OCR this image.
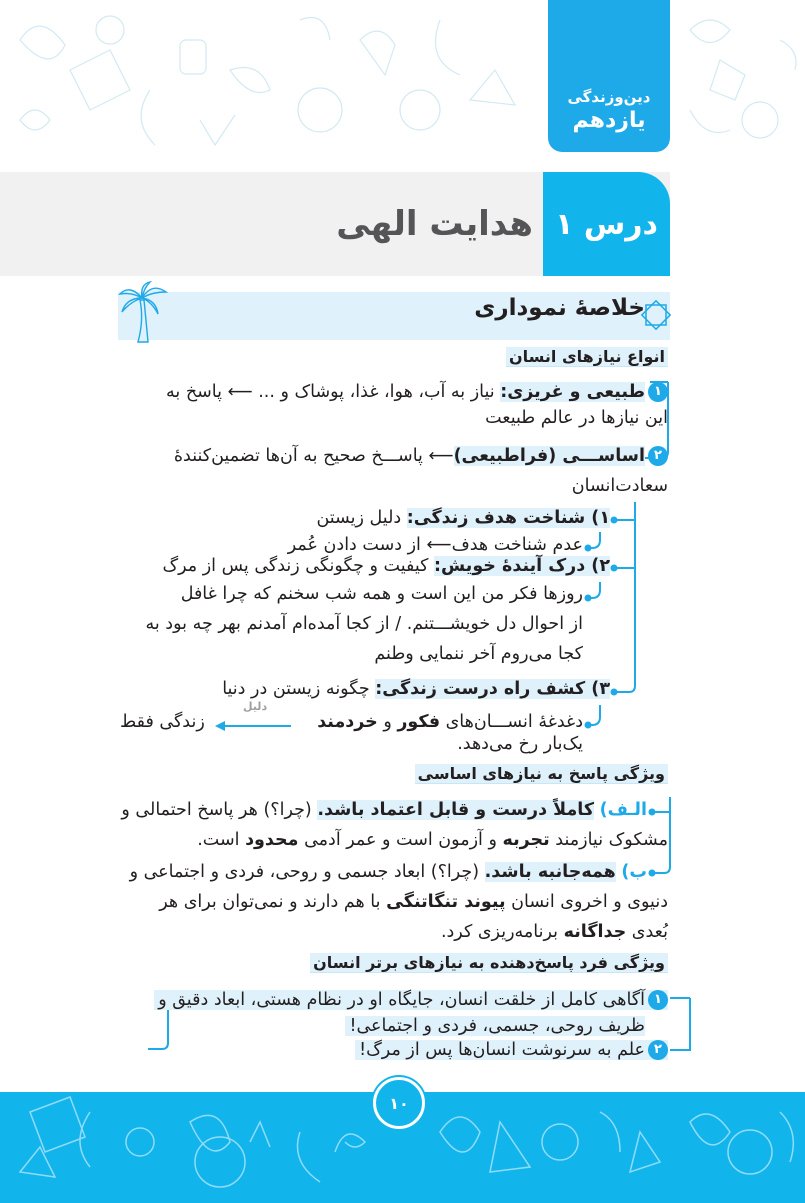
دین‌وزندگی
یازدهم
درس ۱
هدایت الهی
خلاصهٔ نموداری
انواع نیازهای انسان
۱طبیعی و غریزی: نیاز به آب، هوا، غذا، پوشاک و ... ⟵ پاسخ به
این نیازها در عالم طبیعت
۲اساســـی (فراطبیعی)⟵ پاســـخ صحیح به آن‌ها تضمین‌کنندهٔ
سعادت‌انسان
۱) شناخت هدف زندگی: دلیل زیستن
عدم شناخت هدف⟵ از دست دادن عُمر
۲) درک آیندهٔ خویش: کیفیت و چگونگی زندگی پس از مرگ
روزها فکر من این است و همه شب سخنم که چرا غافل
از احوال دل خویشـــتنم. / از کجا آمده‌ام آمدنم بهر چه بود به
کجا می‌روم آخر ننمایی وطنم
۳) کشف راه درست زندگی: چگونه زیستن در دنیا
دغدغهٔ انســـان‌های فکور و خردمند
دلیل
زندگی فقط
یک‌بار رخ می‌دهد.
ویژگی پاسخ به نیازهای اساسی
الـف) کاملاً درست و قابل اعتماد باشد. (چرا؟) هر پاسخ احتمالی و
مشکوک نیازمند تجربه و آزمون است و عمر آدمی محدود است.
ب) همه‌جانبه باشد. (چرا؟) ابعاد جسمی و روحی، فردی و اجتماعی و
دنیوی و اخروی انسان پیوند تنگاتنگی با هم دارند و نمی‌توان برای هر
بُعدی جداگانه برنامه‌ریزی کرد.
ویژگی فرد پاسخ‌دهنده به نیازهای برتر انسان
۱آگاهی کامل از خلقت انسان، جایگاه او در نظام هستی، ابعاد دقیق و
ظریف روحی، جسمی، فردی و اجتماعی!
۲علم به سرنوشت انسان‌ها پس از مرگ!
۱۰
